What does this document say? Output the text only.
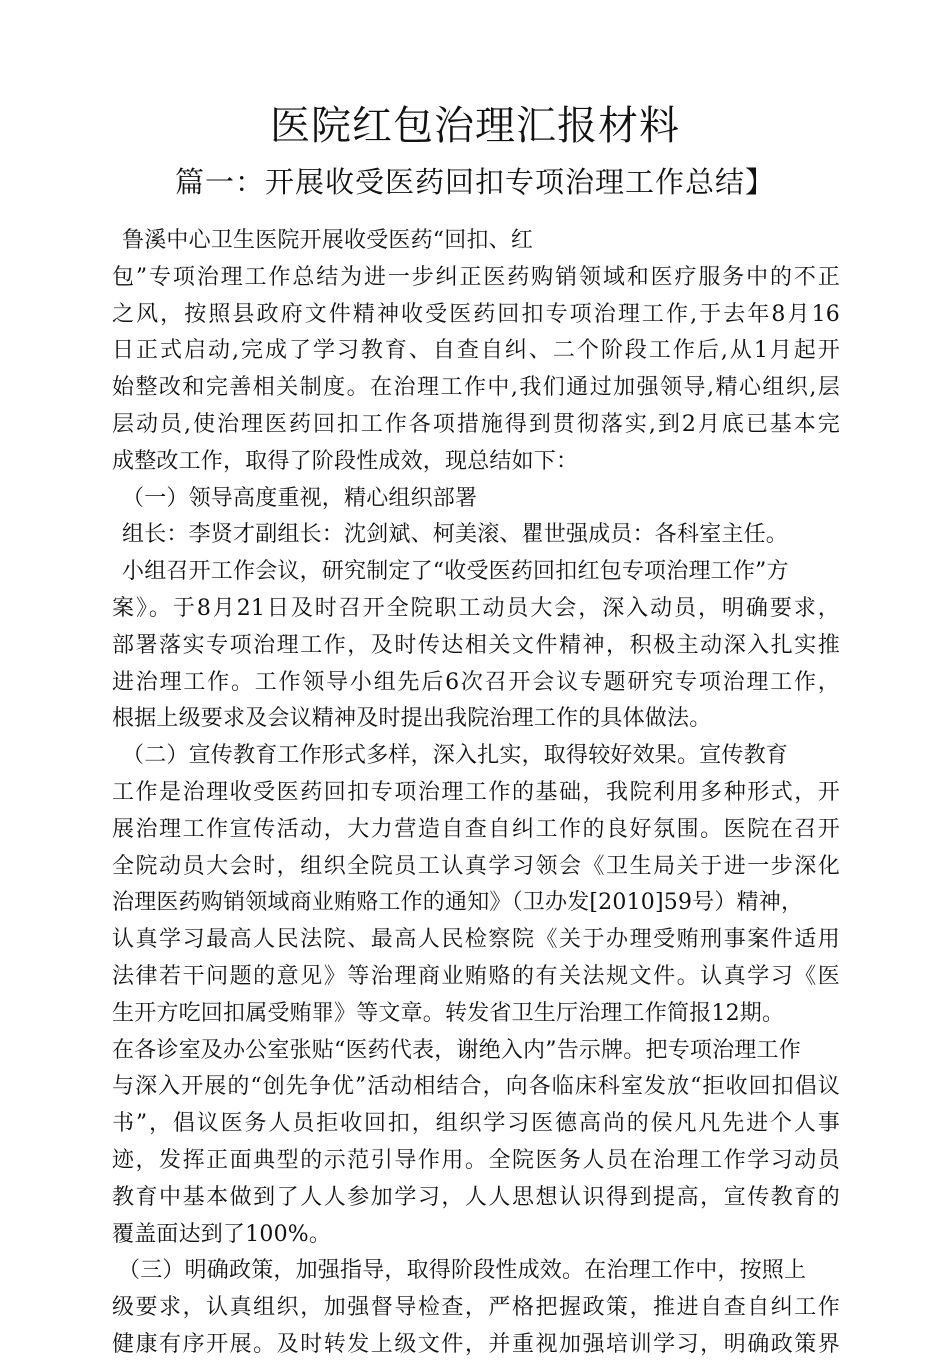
医院红包治理汇报材料
篇一：开展收受医药回扣专项治理工作总结】
鲁溪中心卫生医院开展收受医药“回扣、红
包”专项治理工作总结为进一步纠正医药购销领域和医疗服务中的不正
之风，按照县政府文件精神收受医药回扣专项治理工作,于去年8月16
日正式启动,完成了学习教育、自查自纠、二个阶段工作后,从1月起开
始整改和完善相关制度。在治理工作中,我们通过加强领导,精心组织,层
层动员,使治理医药回扣工作各项措施得到贯彻落实,到2月底已基本完
成整改工作，取得了阶段性成效，现总结如下：
（一）领导高度重视，精心组织部署
组长：李贤才副组长：沈剑斌、柯美滚、瞿世强成员：各科室主任。
小组召开工作会议，研究制定了“收受医药回扣红包专项治理工作”方
案》。于8月21日及时召开全院职工动员大会，深入动员，明确要求，
部署落实专项治理工作，及时传达相关文件精神，积极主动深入扎实推
进治理工作。工作领导小组先后6次召开会议专题研究专项治理工作，
根据上级要求及会议精神及时提出我院治理工作的具体做法。
（二）宣传教育工作形式多样，深入扎实，取得较好效果。宣传教育
工作是治理收受医药回扣专项治理工作的基础，我院利用多种形式，开
展治理工作宣传活动，大力营造自查自纠工作的良好氛围。医院在召开
全院动员大会时，组织全院员工认真学习领会《卫生局关于进一步深化
治理医药购销领域商业贿赂工作的通知》（卫办发[2010]59号）精神，
认真学习最高人民法院、最高人民检察院《关于办理受贿刑事案件适用
法律若干问题的意见》等治理商业贿赂的有关法规文件。认真学习《医
生开方吃回扣属受贿罪》等文章。转发省卫生厅治理工作简报12期。
在各诊室及办公室张贴“医药代表，谢绝入内”告示牌。把专项治理工作
与深入开展的“创先争优”活动相结合，向各临床科室发放“拒收回扣倡议
书”，倡议医务人员拒收回扣，组织学习医德高尚的侯凡凡先进个人事
迹，发挥正面典型的示范引导作用。全院医务人员在治理工作学习动员
教育中基本做到了人人参加学习，人人思想认识得到提高，宣传教育的
覆盖面达到了100%。
（三）明确政策，加强指导，取得阶段性成效。在治理工作中，按照上
级要求，认真组织，加强督导检查，严格把握政策，推进自查自纠工作
健康有序开展。及时转发上级文件，并重视加强培训学习，明确政策界
